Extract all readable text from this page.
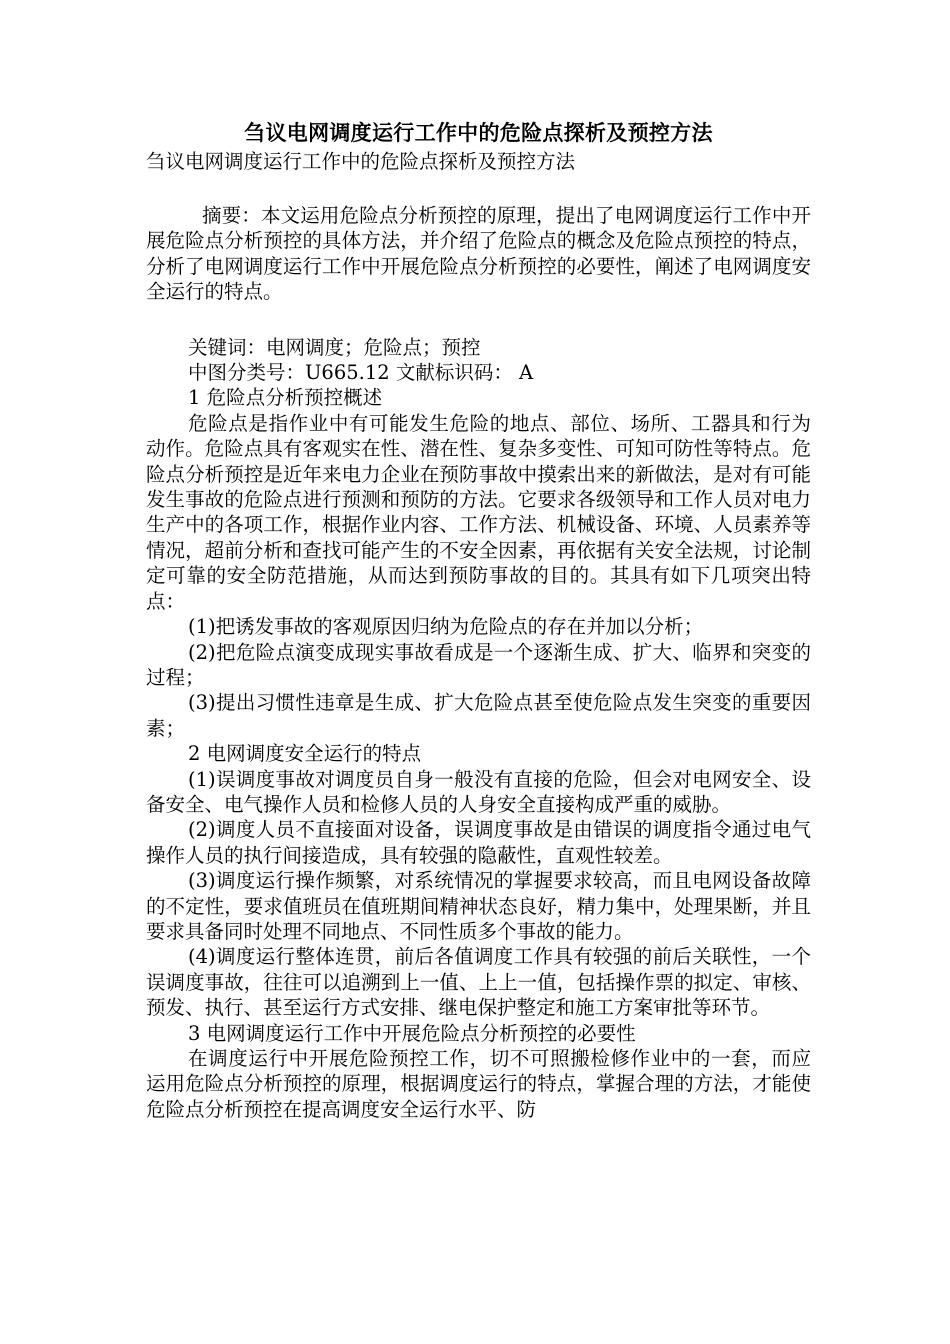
刍议电网调度运行工作中的危险点探析及预控方法

刍议电网调度运行工作中的危险点探析及预控方法

摘要：本文运用危险点分析预控的原理，提出了电网调度运行工作中开展危险点分析预控的具体方法，并介绍了危险点的概念及危险点预控的特点，分析了电网调度运行工作中开展危险点分析预控的必要性，阐述了电网调度安全运行的特点。

关键词：电网调度；危险点；预控

中图分类号：U665.12 文献标识码： A

1 危险点分析预控概述

危险点是指作业中有可能发生危险的地点、部位、场所、工器具和行为动作。危险点具有客观实在性、潜在性、复杂多变性、可知可防性等特点。危险点分析预控是近年来电力企业在预防事故中摸索出来的新做法，是对有可能发生事故的危险点进行预测和预防的方法。它要求各级领导和工作人员对电力生产中的各项工作，根据作业内容、工作方法、机械设备、环境、人员素养等情况，超前分析和查找可能产生的不安全因素，再依据有关安全法规，讨论制定可靠的安全防范措施，从而达到预防事故的目的。其具有如下几项突出特点：

(1)把诱发事故的客观原因归纳为危险点的存在并加以分析；

(2)把危险点演变成现实事故看成是一个逐渐生成、扩大、临界和突变的过程；

(3)提出习惯性违章是生成、扩大危险点甚至使危险点发生突变的重要因素；

2 电网调度安全运行的特点

(1)误调度事故对调度员自身一般没有直接的危险，但会对电网安全、设备安全、电气操作人员和检修人员的人身安全直接构成严重的威胁。

(2)调度人员不直接面对设备，误调度事故是由错误的调度指令通过电气操作人员的执行间接造成，具有较强的隐蔽性，直观性较差。

(3)调度运行操作频繁，对系统情况的掌握要求较高，而且电网设备故障的不定性，要求值班员在值班期间精神状态良好，精力集中，处理果断，并且要求具备同时处理不同地点、不同性质多个事故的能力。

(4)调度运行整体连贯，前后各值调度工作具有较强的前后关联性，一个误调度事故，往往可以追溯到上一值、上上一值，包括操作票的拟定、审核、预发、执行、甚至运行方式安排、继电保护整定和施工方案审批等环节。

3 电网调度运行工作中开展危险点分析预控的必要性

在调度运行中开展危险预控工作，切不可照搬检修作业中的一套，而应运用危险点分析预控的原理，根据调度运行的特点，掌握合理的方法，才能使危险点分析预控在提高调度安全运行水平、防
